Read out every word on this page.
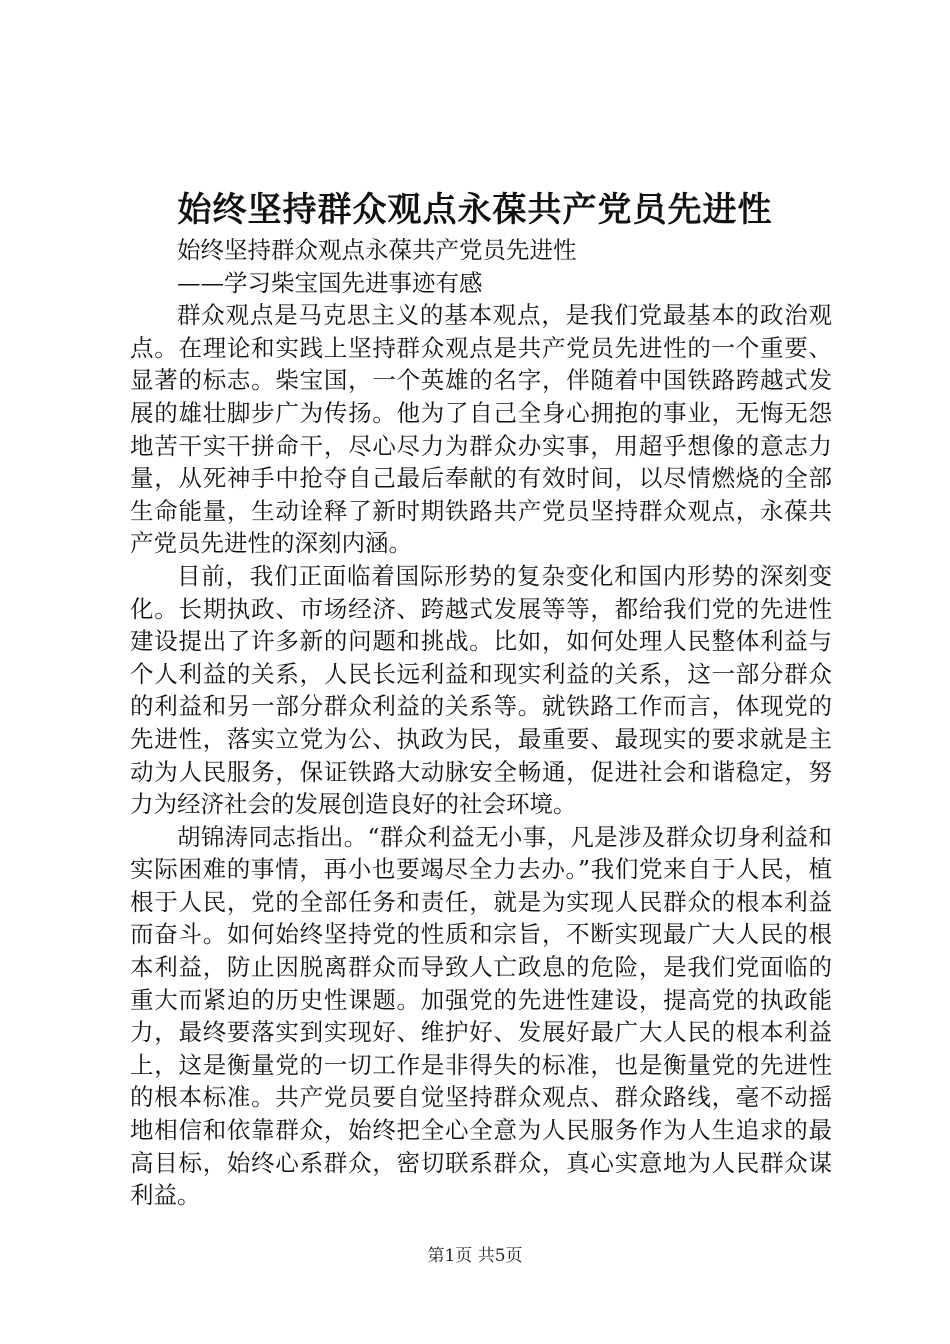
始终坚持群众观点永葆共产党员先进性

始终坚持群众观点永葆共产党员先进性

——学习柴宝国先进事迹有感

群众观点是马克思主义的基本观点，是我们党最基本的政治观点。在理论和实践上坚持群众观点是共产党员先进性的一个重要、显著的标志。柴宝国，一个英雄的名字，伴随着中国铁路跨越式发展的雄壮脚步广为传扬。他为了自己全身心拥抱的事业，无悔无怨地苦干实干拼命干，尽心尽力为群众办实事，用超乎想像的意志力量，从死神手中抢夺自己最后奉献的有效时间，以尽情燃烧的全部生命能量，生动诠释了新时期铁路共产党员坚持群众观点，永葆共产党员先进性的深刻内涵。

目前，我们正面临着国际形势的复杂变化和国内形势的深刻变化。长期执政、市场经济、跨越式发展等等，都给我们党的先进性建设提出了许多新的问题和挑战。比如，如何处理人民整体利益与个人利益的关系，人民长远利益和现实利益的关系，这一部分群众的利益和另一部分群众利益的关系等。就铁路工作而言，体现党的先进性，落实立党为公、执政为民，最重要、最现实的要求就是主动为人民服务，保证铁路大动脉安全畅通，促进社会和谐稳定，努力为经济社会的发展创造良好的社会环境。

胡锦涛同志指出。“群众利益无小事，凡是涉及群众切身利益和实际困难的事情，再小也要竭尽全力去办。”我们党来自于人民，植根于人民，党的全部任务和责任，就是为实现人民群众的根本利益而奋斗。如何始终坚持党的性质和宗旨，不断实现最广大人民的根本利益，防止因脱离群众而导致人亡政息的危险，是我们党面临的重大而紧迫的历史性课题。加强党的先进性建设，提高党的执政能力，最终要落实到实现好、维护好、发展好最广大人民的根本利益上，这是衡量党的一切工作是非得失的标准，也是衡量党的先进性的根本标准。共产党员要自觉坚持群众观点、群众路线，毫不动摇地相信和依靠群众，始终把全心全意为人民服务作为人生追求的最高目标，始终心系群众，密切联系群众，真心实意地为人民群众谋利益。

第1页 共5页
